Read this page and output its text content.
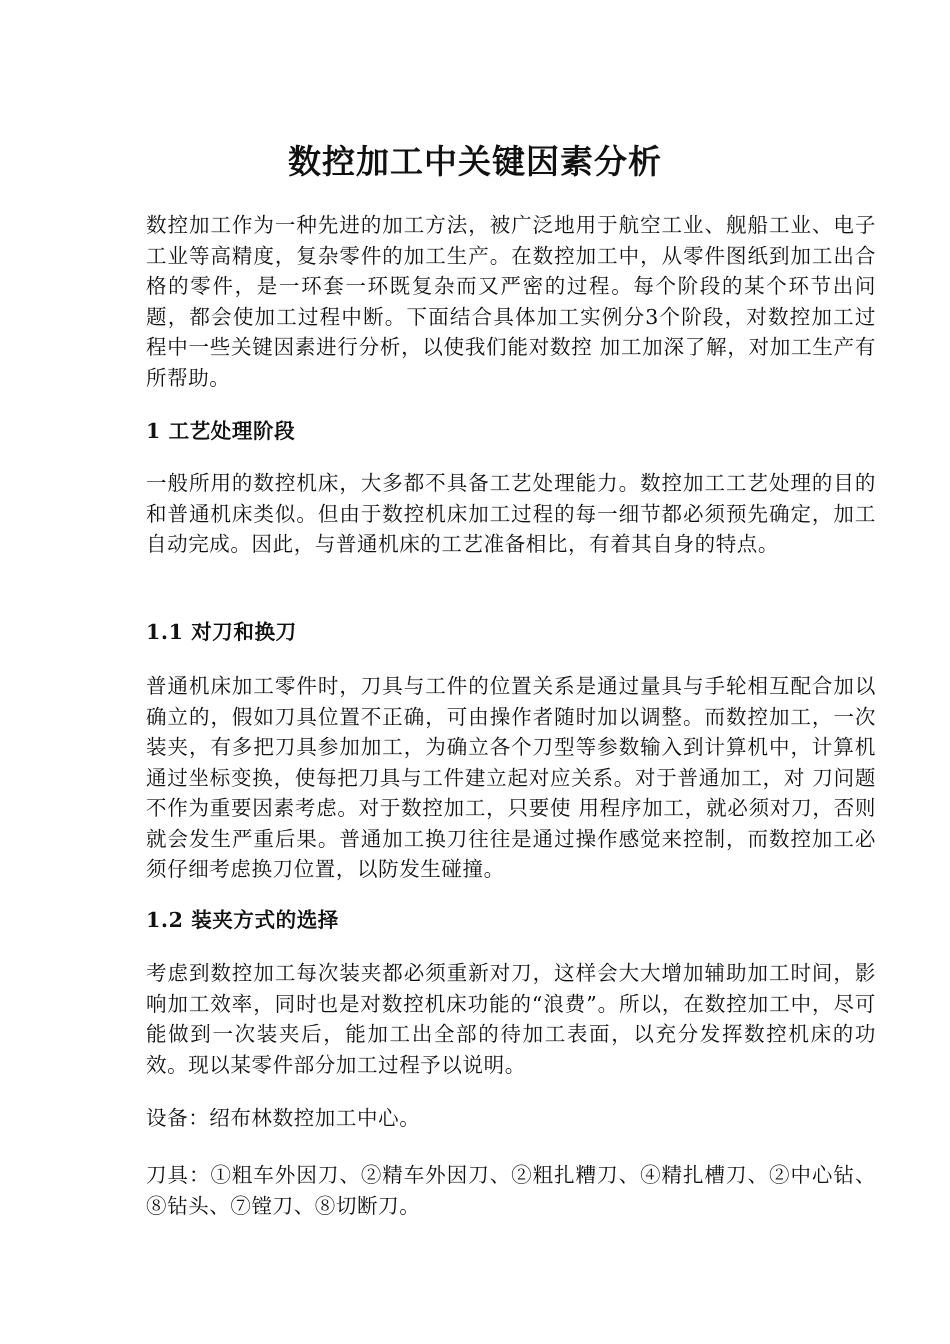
数控加工中关键因素分析

数控加工作为一种先进的加工方法，被广泛地用于航空工业、舰船工业、电子工业等高精度，复杂零件的加工生产。在数控加工中，从零件图纸到加工出合格的零件，是一环套一环既复杂而又严密的过程。每个阶段的某个环节出问题，都会使加工过程中断。下面结合具体加工实例分3个阶段，对数控加工过程中一些关键因素进行分析，以使我们能对数控 加工加深了解，对加工生产有所帮助。

1 工艺处理阶段

一般所用的数控机床，大多都不具备工艺处理能力。数控加工工艺处理的目的和普通机床类似。但由于数控机床加工过程的每一细节都必须预先确定，加工自动完成。因此，与普通机床的工艺准备相比，有着其自身的特点。

1.1 对刀和换刀

普通机床加工零件时，刀具与工件的位置关系是通过量具与手轮相互配合加以确立的，假如刀具位置不正确，可由操作者随时加以调整。而数控加工，一次装夹，有多把刀具参加加工，为确立各个刀型等参数输入到计算机中，计算机通过坐标变换，使每把刀具与工件建立起对应关系。对于普通加工，对 刀问题不作为重要因素考虑。对于数控加工，只要使 用程序加工，就必须对刀，否则就会发生严重后果。普通加工换刀往往是通过操作感觉来控制，而数控加工必须仔细考虑换刀位置，以防发生碰撞。

1.2 装夹方式的选择

考虑到数控加工每次装夹都必须重新对刀，这样会大大增加辅助加工时间，影响加工效率，同时也是对数控机床功能的“浪费”。所以，在数控加工中，尽可能做到一次装夹后，能加工出全部的待加工表面，以充分发挥数控机床的功效。现以某零件部分加工过程予以说明。

设备：绍布林数控加工中心。

刀具：①粗车外因刀、②精车外因刀、②粗扎糟刀、④精扎槽刀、②中心钻、⑧钻头、⑦镗刀、⑧切断刀。
